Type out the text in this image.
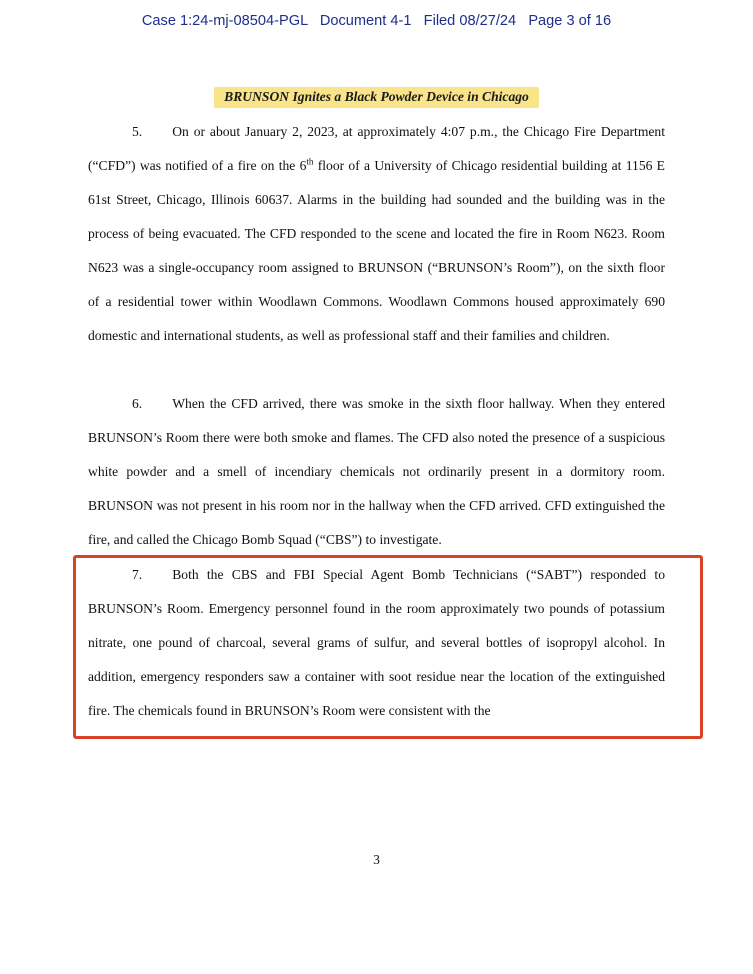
Case 1:24-mj-08504-PGL Document 4-1 Filed 08/27/24 Page 3 of 16

BRUNSON Ignites a Black Powder Device in Chicago

5. On or about January 2, 2023, at approximately 4:07 p.m., the Chicago Fire Department (“CFD”) was notified of a fire on the 6th floor of a University of Chicago residential building at 1156 E 61st Street, Chicago, Illinois 60637. Alarms in the building had sounded and the building was in the process of being evacuated. The CFD responded to the scene and located the fire in Room N623. Room N623 was a single-occupancy room assigned to BRUNSON (“BRUNSON’s Room”), on the sixth floor of a residential tower within Woodlawn Commons. Woodlawn Commons housed approximately 690 domestic and international students, as well as professional staff and their families and children.

6. When the CFD arrived, there was smoke in the sixth floor hallway. When they entered BRUNSON’s Room there were both smoke and flames. The CFD also noted the presence of a suspicious white powder and a smell of incendiary chemicals not ordinarily present in a dormitory room. BRUNSON was not present in his room nor in the hallway when the CFD arrived. CFD extinguished the fire, and called the Chicago Bomb Squad (“CBS”) to investigate.

7. Both the CBS and FBI Special Agent Bomb Technicians (“SABT”) responded to BRUNSON’s Room. Emergency personnel found in the room approximately two pounds of potassium nitrate, one pound of charcoal, several grams of sulfur, and several bottles of isopropyl alcohol. In addition, emergency responders saw a container with soot residue near the location of the extinguished fire. The chemicals found in BRUNSON’s Room were consistent with the

3
